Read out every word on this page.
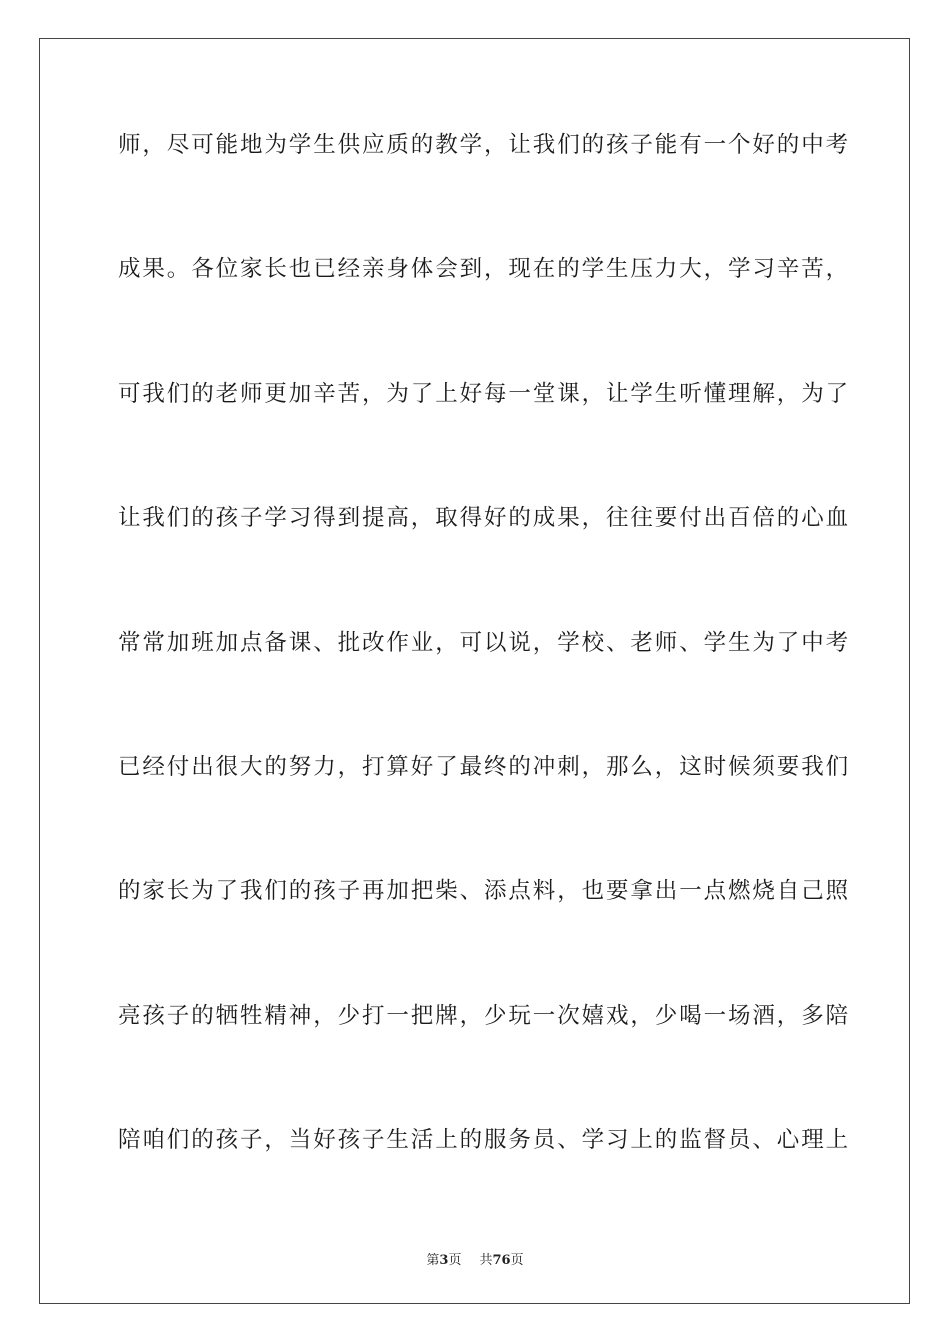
师，尽可能地为学生供应质的教学，让我们的孩子能有一个好的中考
成果。各位家长也已经亲身体会到，现在的学生压力大，学习辛苦，
可我们的老师更加辛苦，为了上好每一堂课，让学生听懂理解，为了
让我们的孩子学习得到提高，取得好的成果，往往要付出百倍的心血
常常加班加点备课、批改作业，可以说，学校、老师、学生为了中考
已经付出很大的努力，打算好了最终的冲刺，那么，这时候须要我们
的家长为了我们的孩子再加把柴、添点料，也要拿出一点燃烧自己照
亮孩子的牺牲精神，少打一把牌，少玩一次嬉戏，少喝一场酒，多陪
陪咱们的孩子，当好孩子生活上的服务员、学习上的监督员、心理上
第3页 共76页
